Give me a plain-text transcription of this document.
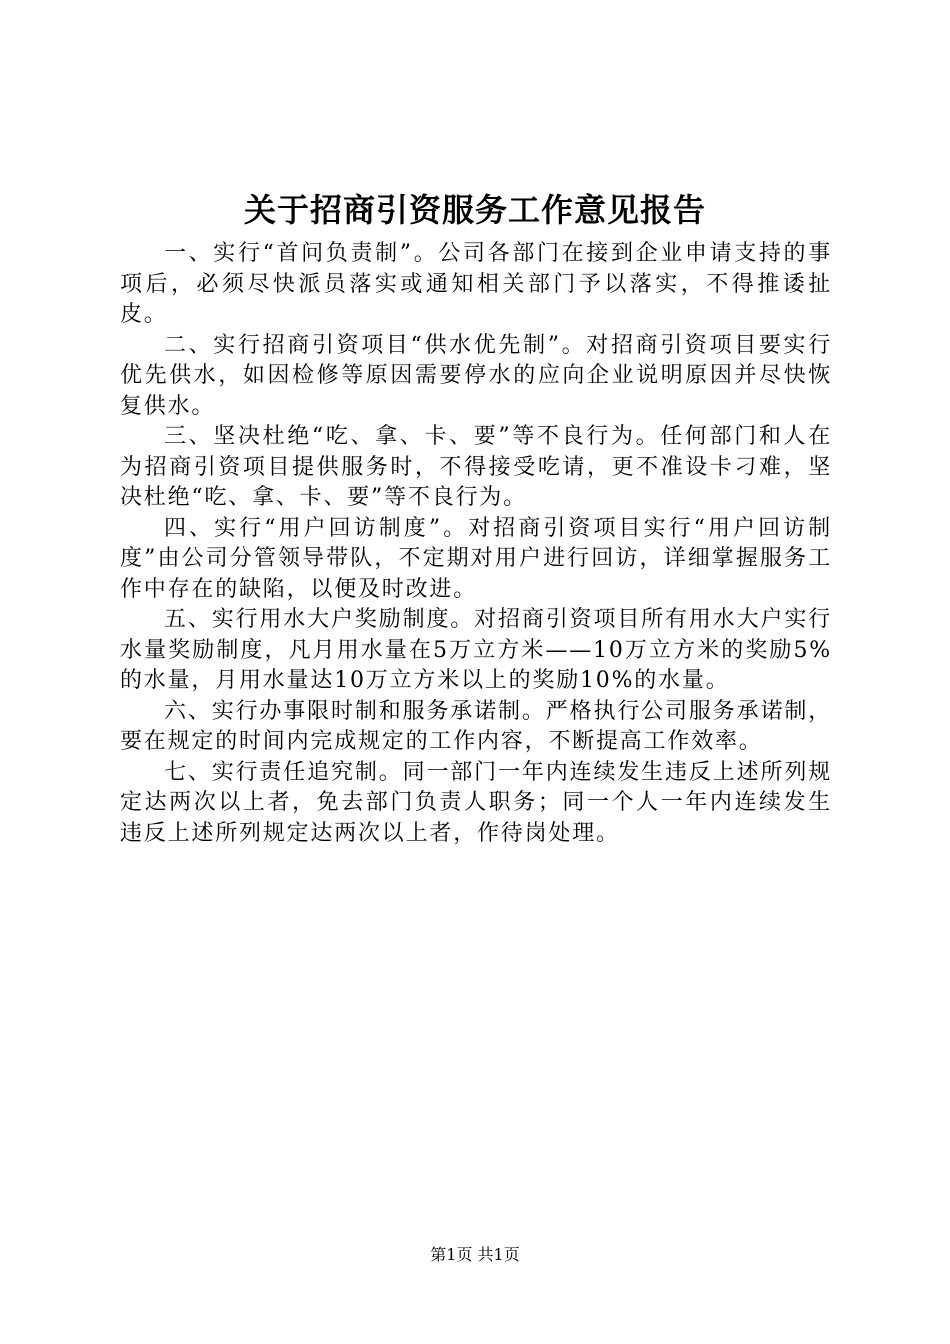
关于招商引资服务工作意见报告

一、实行“首问负责制”。公司各部门在接到企业申请支持的事项后，必须尽快派员落实或通知相关部门予以落实，不得推诿扯皮。

二、实行招商引资项目“供水优先制”。对招商引资项目要实行优先供水，如因检修等原因需要停水的应向企业说明原因并尽快恢复供水。

三、坚决杜绝“吃、拿、卡、要”等不良行为。任何部门和人在为招商引资项目提供服务时，不得接受吃请，更不准设卡刁难，坚决杜绝“吃、拿、卡、要”等不良行为。

四、实行“用户回访制度”。对招商引资项目实行“用户回访制度”由公司分管领导带队，不定期对用户进行回访，详细掌握服务工作中存在的缺陷，以便及时改进。

五、实行用水大户奖励制度。对招商引资项目所有用水大户实行水量奖励制度，凡月用水量在5万立方米——10万立方米的奖励5%的水量，月用水量达10万立方米以上的奖励10%的水量。

六、实行办事限时制和服务承诺制。严格执行公司服务承诺制，要在规定的时间内完成规定的工作内容，不断提高工作效率。

七、实行责任追究制。同一部门一年内连续发生违反上述所列规定达两次以上者，免去部门负责人职务；同一个人一年内连续发生违反上述所列规定达两次以上者，作待岗处理。

第1页 共1页
